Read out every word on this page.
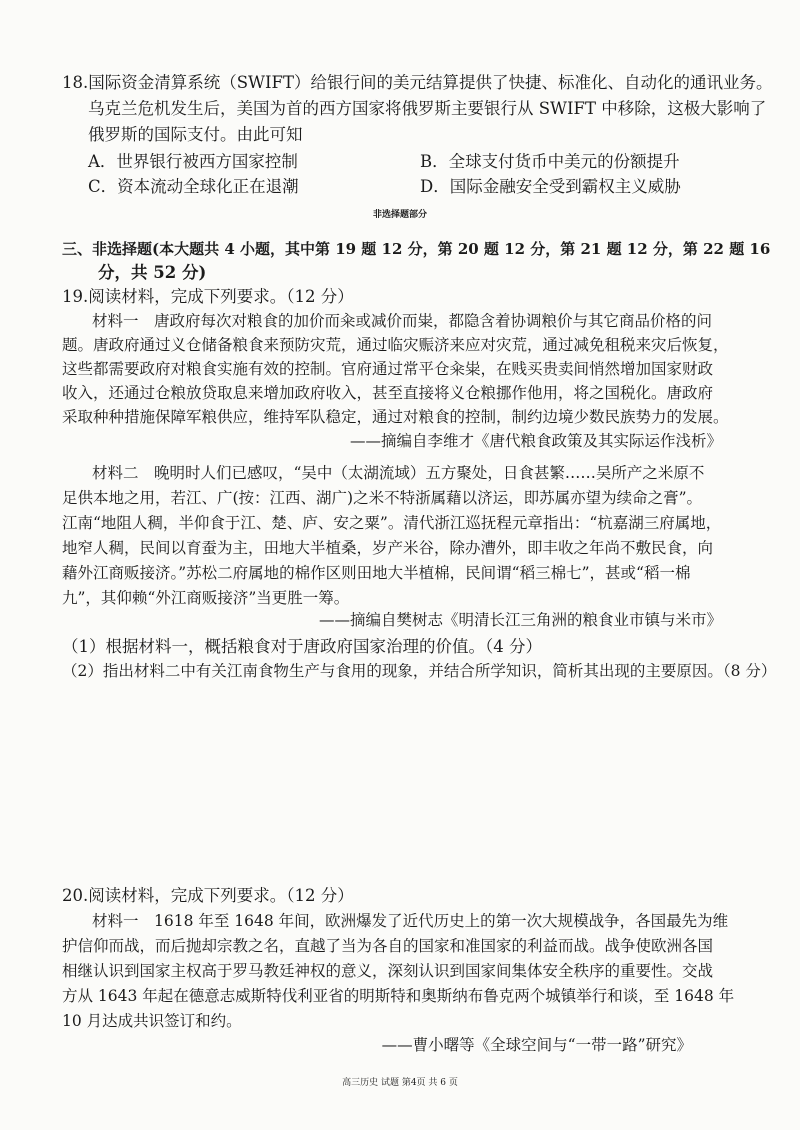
18.国际资金清算系统（SWIFT）给银行间的美元结算提供了快捷、标准化、自动化的通讯业务。
乌克兰危机发生后，美国为首的西方国家将俄罗斯主要银行从 SWIFT 中移除，这极大影响了
俄罗斯的国际支付。由此可知
A．世界银行被西方国家控制	B．全球支付货币中美元的份额提升
C．资本流动全球化正在退潮	D．国际金融安全受到霸权主义威胁
非选择题部分
三、非选择题(本大题共 4 小题，其中第 19 题 12 分，第 20 题 12 分，第 21 题 12 分，第 22 题 16
分，共 52 分)
19.阅读材料，完成下列要求。（12 分）
材料一　唐政府每次对粮食的加价而籴或减价而粜，都隐含着协调粮价与其它商品价格的问
题。唐政府通过义仓储备粮食来预防灾荒，通过临灾赈济来应对灾荒，通过减免租税来灾后恢复，
这些都需要政府对粮食实施有效的控制。官府通过常平仓籴粜，在贱买贵卖间悄然增加国家财政
收入，还通过仓粮放贷取息来增加政府收入，甚至直接将义仓粮挪作他用，将之国税化。唐政府
采取种种措施保障军粮供应，维持军队稳定，通过对粮食的控制，制约边境少数民族势力的发展。
——摘编自李维才《唐代粮食政策及其实际运作浅析》
材料二　晚明时人们已感叹，“吴中（太湖流域）五方聚处，日食甚繁……吴所产之米原不
足供本地之用，若江、广(按：江西、湖广)之米不特浙属藉以济运，即苏属亦望为续命之膏”。
江南“地阻人稠，半仰食于江、楚、庐、安之粟”。清代浙江巡抚程元章指出：“杭嘉湖三府属地，
地窄人稠，民间以育蚕为主，田地大半植桑，岁产米谷，除办漕外，即丰收之年尚不敷民食，向
藉外江商贩接济。”苏松二府属地的棉作区则田地大半植棉，民间谓“稻三棉七”，甚或“稻一棉
九”，其仰赖“外江商贩接济”当更胜一筹。
——摘编自樊树志《明清长江三角洲的粮食业市镇与米市》
（1）根据材料一，概括粮食对于唐政府国家治理的价值。（4 分）
（2）指出材料二中有关江南食物生产与食用的现象，并结合所学知识，简析其出现的主要原因。（8 分）
20.阅读材料，完成下列要求。（12 分）
材料一　1618 年至 1648 年间，欧洲爆发了近代历史上的第一次大规模战争，各国最先为维
护信仰而战，而后抛却宗教之名，直越了当为各自的国家和准国家的利益而战。战争使欧洲各国
相继认识到国家主权高于罗马教廷神权的意义，深刻认识到国家间集体安全秩序的重要性。交战
方从 1643 年起在德意志威斯特伐利亚省的明斯特和奥斯纳布鲁克两个城镇举行和谈，至 1648 年
10 月达成共识签订和约。
——曹小曙等《全球空间与“一带一路”研究》
高三历史 试题 第4页 共 6 页
